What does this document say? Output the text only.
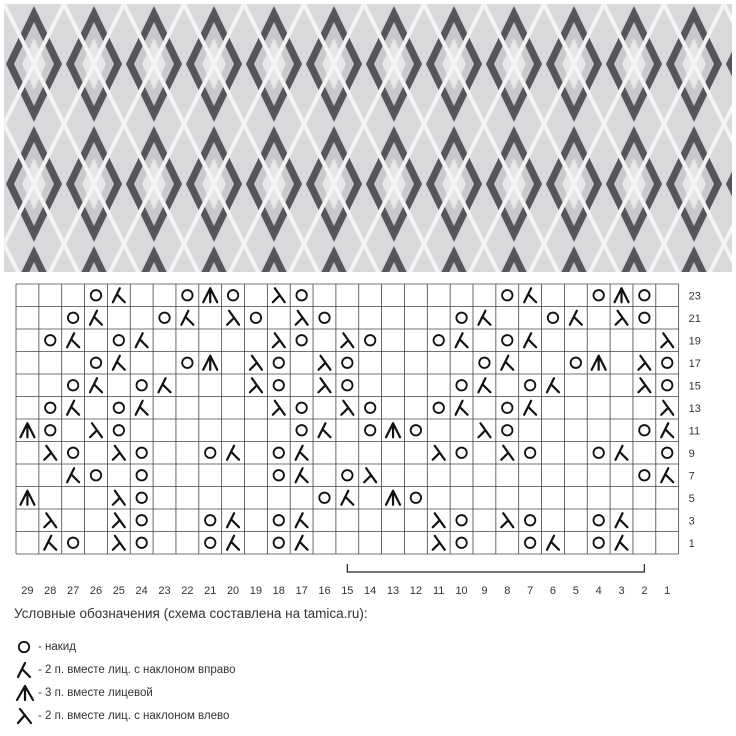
1
3
5
7
9
11
13
15
17
19
21
23
29 28 27 26 25 24 23 22 21 20 19 18 17 16 15 14 13 12 11 10 9 8 7 6 5 4 3 2 1
Условные обозначения (схема составлена на tamica.ru):
- накид
- 2 п. вместе лиц. с наклоном вправо
- 3 п. вместе лицевой
- 2 п. вместе лиц. с наклоном влево
